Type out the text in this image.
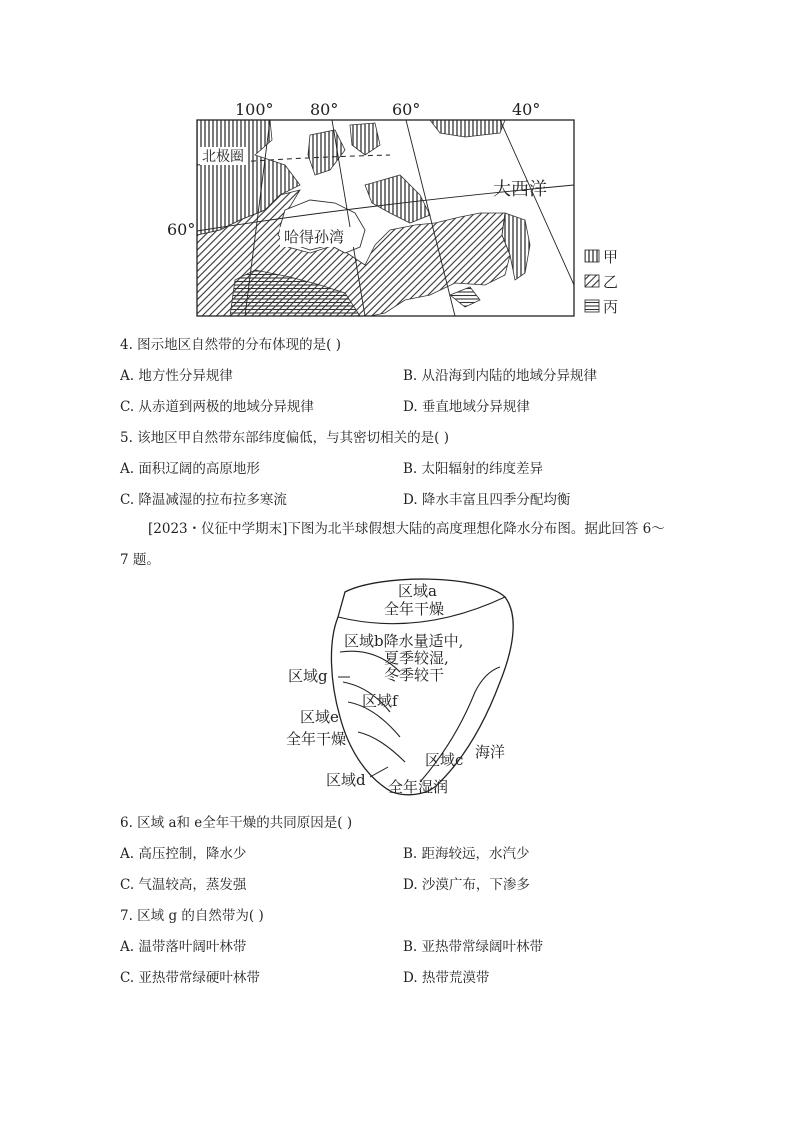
100° 80°	60°	40°
60°
北极圈
哈得孙湾
大西洋
甲
乙
丙
4. 图示地区自然带的分布体现的是( )
A. 地方性分异规律	B. 从沿海到内陆的地域分异规律
C. 从赤道到两极的地域分异规律	D. 垂直地域分异规律
5. 该地区甲自然带东部纬度偏低，与其密切相关的是( )
A. 面积辽阔的高原地形	B. 太阳辐射的纬度差异
C. 降温减湿的拉布拉多寒流	D. 降水丰富且四季分配均衡
[2023・仪征中学期末]下图为北半球假想大陆的高度理想化降水分布图。据此回答 6～
7 题。
区域a
全年干燥
区域b降水量适中,
夏季较湿,
冬季较干
区域g
区域f
区域e
全年干燥
区域c 海洋
区域d 全年湿润
6. 区域 a和 e全年干燥的共同原因是( )
A. 高压控制，降水少	B. 距海较远，水汽少
C. 气温较高，蒸发强	D. 沙漠广布，下渗多
7. 区域 g 的自然带为( )
A. 温带落叶阔叶林带	B. 亚热带常绿阔叶林带
C. 亚热带常绿硬叶林带	D. 热带荒漠带
